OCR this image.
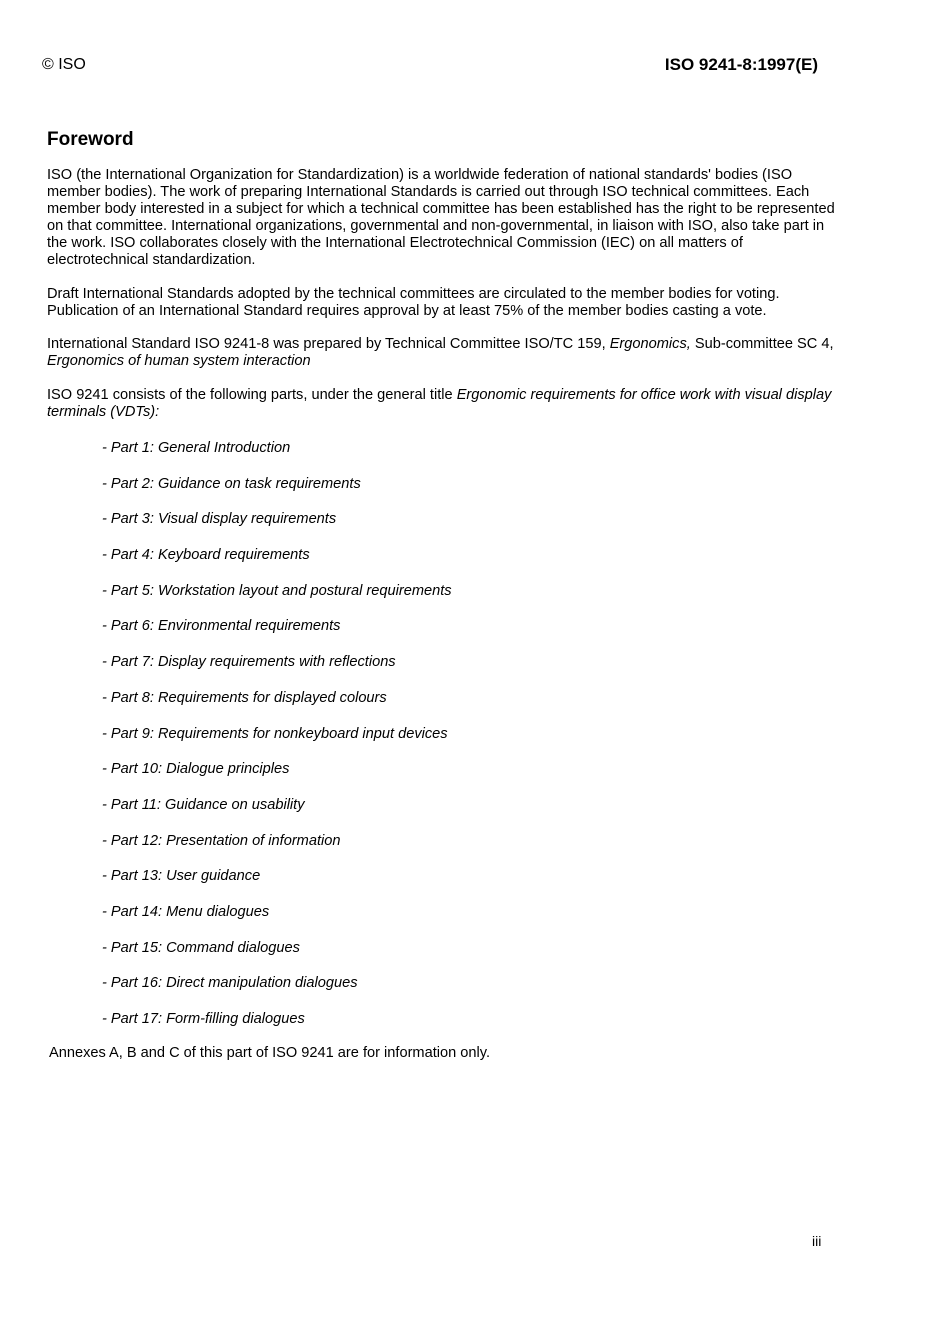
© ISO	ISO 9241-8:1997(E)
Foreword
ISO (the International Organization for Standardization) is a worldwide federation of national standards' bodies (ISO member bodies). The work of preparing International Standards is carried out through ISO technical committees. Each member body interested in a subject for which a technical committee has been established has the right to be represented on that committee. International organizations, governmental and non-governmental, in liaison with ISO, also take part in the work. ISO collaborates closely with the International Electrotechnical Commission (IEC) on all matters of electrotechnical standardization.
Draft International Standards adopted by the technical committees are circulated to the member bodies for voting. Publication of an International Standard requires approval by at least 75% of the member bodies casting a vote.
International Standard ISO 9241-8 was prepared by Technical Committee ISO/TC 159, Ergonomics, Sub-committee SC 4, Ergonomics of human system interaction
ISO 9241 consists of the following parts, under the general title Ergonomic requirements for office work with visual display terminals (VDTs):
- Part 1: General Introduction
- Part 2: Guidance on task requirements
- Part 3: Visual display requirements
- Part 4: Keyboard requirements
- Part 5: Workstation layout and postural requirements
- Part 6: Environmental requirements
- Part 7: Display requirements with reflections
- Part 8: Requirements for displayed colours
- Part 9: Requirements for nonkeyboard input devices
- Part 10: Dialogue principles
- Part 11: Guidance on usability
- Part 12: Presentation of information
- Part 13: User guidance
- Part 14: Menu dialogues
- Part 15: Command dialogues
- Part 16: Direct manipulation dialogues
- Part 17: Form-filling dialogues
Annexes A, B and C of this part of ISO 9241 are for information only.
iii
